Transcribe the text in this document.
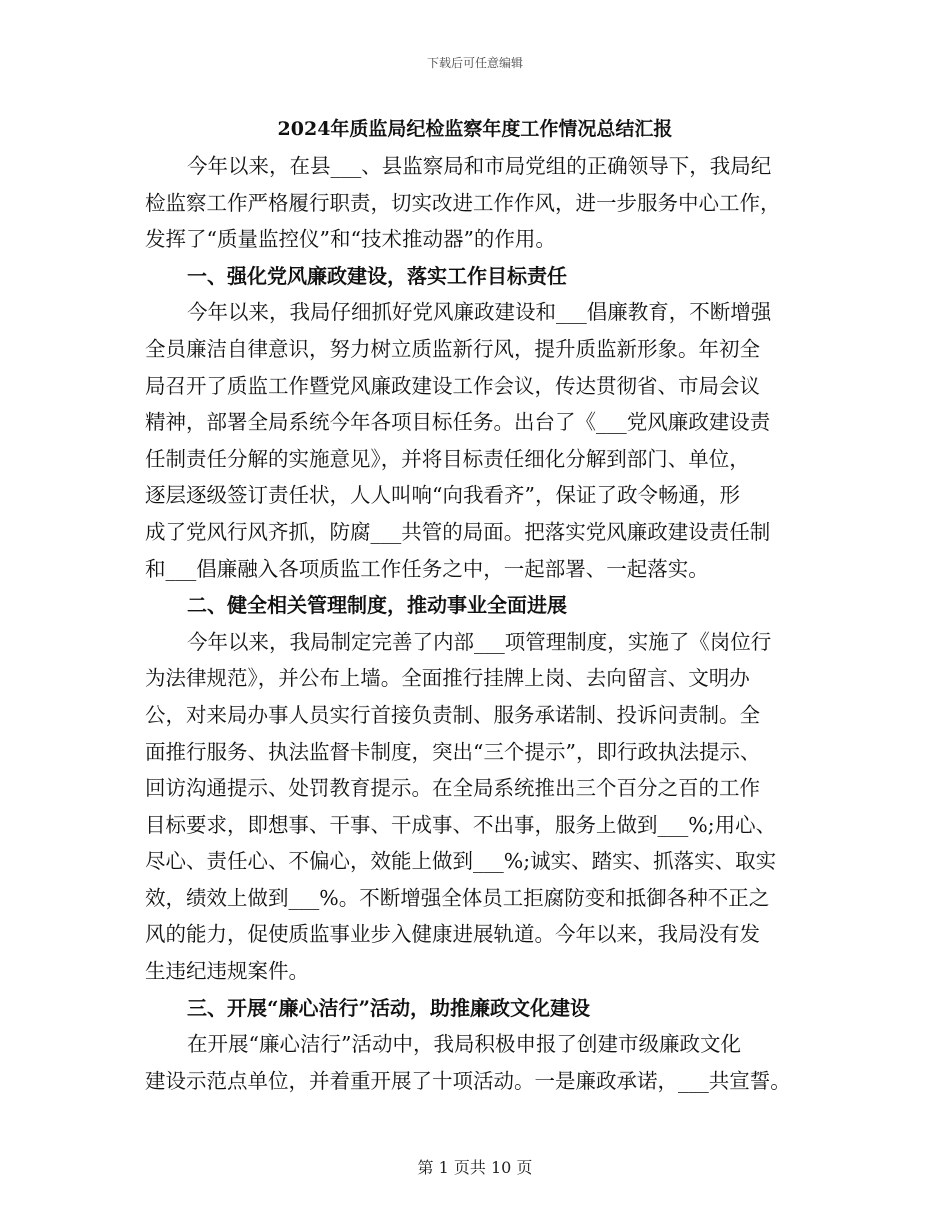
下载后可任意编辑
2024年质监局纪检监察年度工作情况总结汇报
今年以来，在县___、县监察局和市局党组的正确领导下，我局纪
检监察工作严格履行职责，切实改进工作作风，进一步服务中心工作，
发挥了“质量监控仪”和“技术推动器”的作用。
一、强化党风廉政建设，落实工作目标责任
今年以来，我局仔细抓好党风廉政建设和___倡廉教育，不断增强
全员廉洁自律意识，努力树立质监新行风，提升质监新形象。年初全
局召开了质监工作暨党风廉政建设工作会议，传达贯彻省、市局会议
精神，部署全局系统今年各项目标任务。出台了《___党风廉政建设责
任制责任分解的实施意见》，并将目标责任细化分解到部门、单位，
逐层逐级签订责任状，人人叫响“向我看齐”，保证了政令畅通，形
成了党风行风齐抓，防腐___共管的局面。把落实党风廉政建设责任制
和___倡廉融入各项质监工作任务之中，一起部署、一起落实。
二、健全相关管理制度，推动事业全面进展
今年以来，我局制定完善了内部___项管理制度，实施了《岗位行
为法律规范》，并公布上墙。全面推行挂牌上岗、去向留言、文明办
公，对来局办事人员实行首接负责制、服务承诺制、投诉问责制。全
面推行服务、执法监督卡制度，突出“三个提示”，即行政执法提示、
回访沟通提示、处罚教育提示。在全局系统推出三个百分之百的工作
目标要求，即想事、干事、干成事、不出事，服务上做到___%;用心、
尽心、责任心、不偏心，效能上做到___%;诚实、踏实、抓落实、取实
效，绩效上做到___%。不断增强全体员工拒腐防变和抵御各种不正之
风的能力，促使质监事业步入健康进展轨道。今年以来，我局没有发
生违纪违规案件。
三、开展“廉心洁行”活动，助推廉政文化建设
在开展“廉心洁行”活动中，我局积极申报了创建市级廉政文化
建设示范点单位，并着重开展了十项活动。一是廉政承诺，___共宣誓。
第 1 页共 10 页
